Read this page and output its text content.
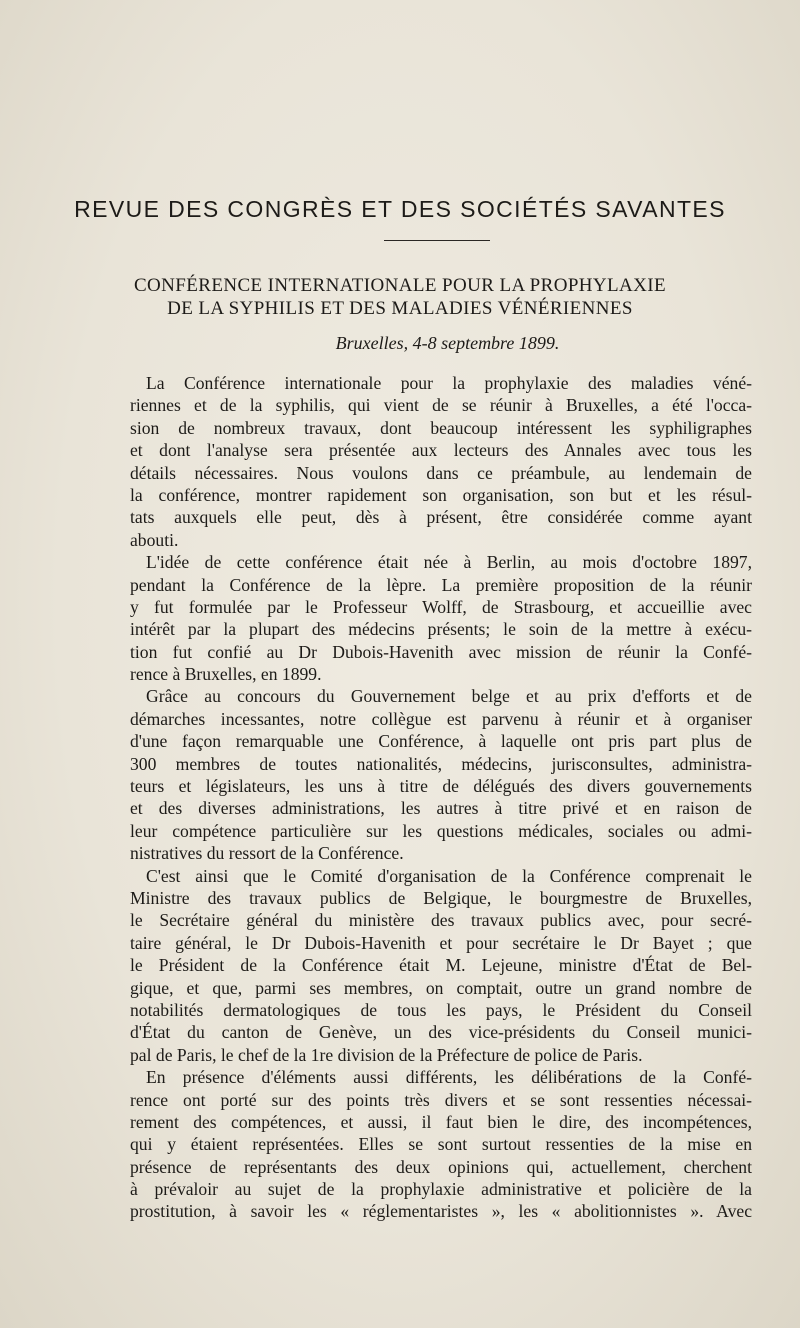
REVUE DES CONGRÈS ET DES SOCIÉTÉS SAVANTES
CONFÉRENCE INTERNATIONALE POUR LA PROPHYLAXIE
DE LA SYPHILIS ET DES MALADIES VÉNÉRIENNES
Bruxelles, 4-8 septembre 1899.
La Conférence internationale pour la prophylaxie des maladies véné-
riennes et de la syphilis, qui vient de se réunir à Bruxelles, a été l'occa-
sion de nombreux travaux, dont beaucoup intéressent les syphiligraphes
et dont l'analyse sera présentée aux lecteurs des Annales avec tous les
détails nécessaires. Nous voulons dans ce préambule, au lendemain de
la conférence, montrer rapidement son organisation, son but et les résul-
tats auxquels elle peut, dès à présent, être considérée comme ayant
abouti.
L'idée de cette conférence était née à Berlin, au mois d'octobre 1897,
pendant la Conférence de la lèpre. La première proposition de la réunir
y fut formulée par le Professeur Wolff, de Strasbourg, et accueillie avec
intérêt par la plupart des médecins présents; le soin de la mettre à exécu-
tion fut confié au Dr Dubois-Havenith avec mission de réunir la Confé-
rence à Bruxelles, en 1899.
Grâce au concours du Gouvernement belge et au prix d'efforts et de
démarches incessantes, notre collègue est parvenu à réunir et à organiser
d'une façon remarquable une Conférence, à laquelle ont pris part plus de
300 membres de toutes nationalités, médecins, jurisconsultes, administra-
teurs et législateurs, les uns à titre de délégués des divers gouvernements
et des diverses administrations, les autres à titre privé et en raison de
leur compétence particulière sur les questions médicales, sociales ou admi-
nistratives du ressort de la Conférence.
C'est ainsi que le Comité d'organisation de la Conférence comprenait le
Ministre des travaux publics de Belgique, le bourgmestre de Bruxelles,
le Secrétaire général du ministère des travaux publics avec, pour secré-
taire général, le Dr Dubois-Havenith et pour secrétaire le Dr Bayet ; que
le Président de la Conférence était M. Lejeune, ministre d'État de Bel-
gique, et que, parmi ses membres, on comptait, outre un grand nombre de
notabilités dermatologiques de tous les pays, le Président du Conseil
d'État du canton de Genève, un des vice-présidents du Conseil munici-
pal de Paris, le chef de la 1re division de la Préfecture de police de Paris.
En présence d'éléments aussi différents, les délibérations de la Confé-
rence ont porté sur des points très divers et se sont ressenties nécessai-
rement des compétences, et aussi, il faut bien le dire, des incompétences,
qui y étaient représentées. Elles se sont surtout ressenties de la mise en
présence de représentants des deux opinions qui, actuellement, cherchent
à prévaloir au sujet de la prophylaxie administrative et policière de la
prostitution, à savoir les « réglementaristes », les « abolitionnistes ». Avec
